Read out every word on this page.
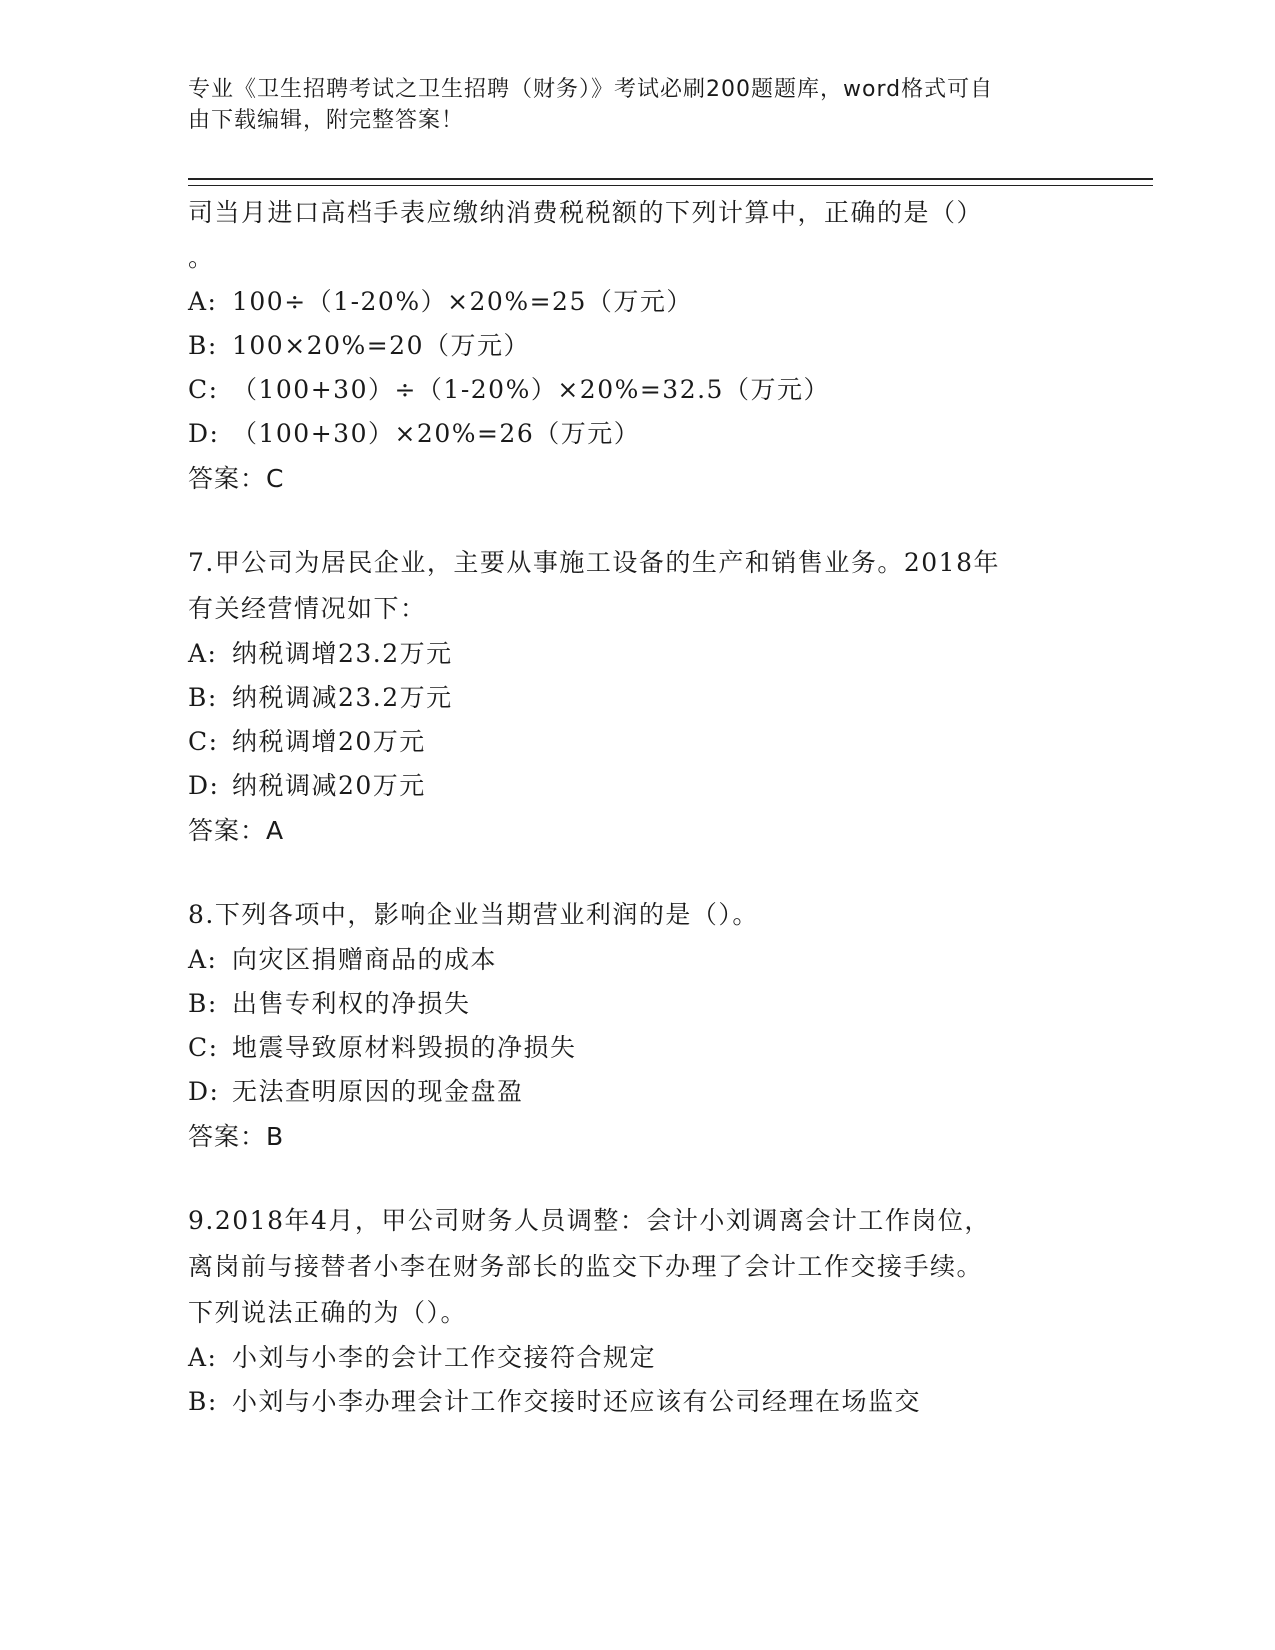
专业《卫生招聘考试之卫生招聘（财务）》考试必刷200题题库，word格式可自
由下载编辑，附完整答案！
司当月进口高档手表应缴纳消费税税额的下列计算中，正确的是（）
。
A: 100÷（1-20%）×20%=25（万元）
B: 100×20%=20（万元）
C: （100+30）÷（1-20%）×20%=32.5（万元）
D: （100+30）×20%=26（万元）
答案：C
7.甲公司为居民企业，主要从事施工设备的生产和销售业务。2018年
有关经营情况如下：
A: 纳税调增23.2万元
B: 纳税调减23.2万元
C: 纳税调增20万元
D: 纳税调减20万元
答案：A
8.下列各项中，影响企业当期营业利润的是（）。
A: 向灾区捐赠商品的成本
B: 出售专利权的净损失
C: 地震导致原材料毁损的净损失
D: 无法查明原因的现金盘盈
答案：B
9.2018年4月，甲公司财务人员调整：会计小刘调离会计工作岗位，
离岗前与接替者小李在财务部长的监交下办理了会计工作交接手续。
下列说法正确的为（）。
A: 小刘与小李的会计工作交接符合规定
B: 小刘与小李办理会计工作交接时还应该有公司经理在场监交
